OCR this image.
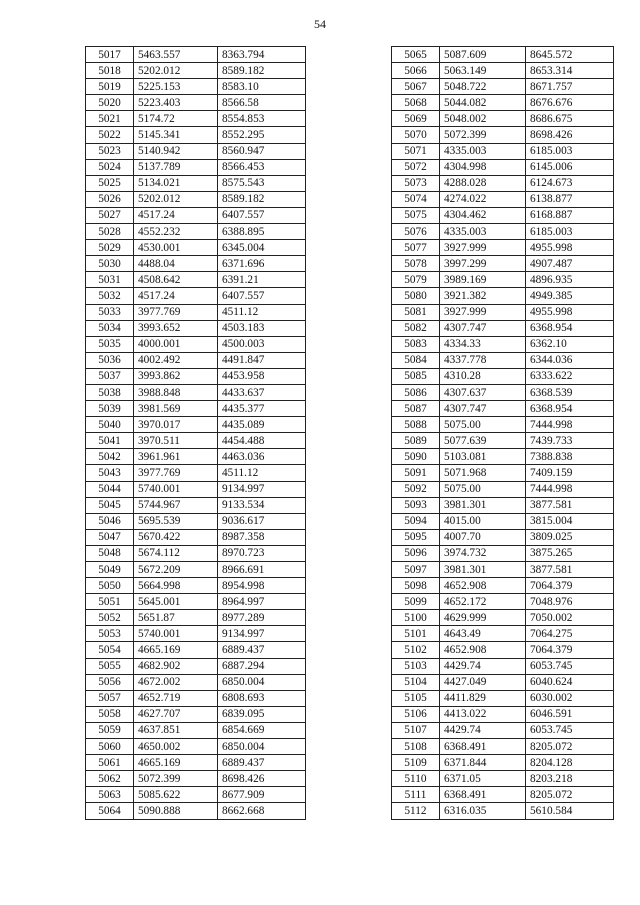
54
5017	5463.557	8363.794
5018	5202.012	8589.182
5019	5225.153	8583.10
5020	5223.403	8566.58
5021	5174.72	8554.853
5022	5145.341	8552.295
5023	5140.942	8560.947
5024	5137.789	8566.453
5025	5134.021	8575.543
5026	5202.012	8589.182
5027	4517.24	6407.557
5028	4552.232	6388.895
5029	4530.001	6345.004
5030	4488.04	6371.696
5031	4508.642	6391.21
5032	4517.24	6407.557
5033	3977.769	4511.12
5034	3993.652	4503.183
5035	4000.001	4500.003
5036	4002.492	4491.847
5037	3993.862	4453.958
5038	3988.848	4433.637
5039	3981.569	4435.377
5040	3970.017	4435.089
5041	3970.511	4454.488
5042	3961.961	4463.036
5043	3977.769	4511.12
5044	5740.001	9134.997
5045	5744.967	9133.534
5046	5695.539	9036.617
5047	5670.422	8987.358
5048	5674.112	8970.723
5049	5672.209	8966.691
5050	5664.998	8954.998
5051	5645.001	8964.997
5052	5651.87	8977.289
5053	5740.001	9134.997
5054	4665.169	6889.437
5055	4682.902	6887.294
5056	4672.002	6850.004
5057	4652.719	6808.693
5058	4627.707	6839.095
5059	4637.851	6854.669
5060	4650.002	6850.004
5061	4665.169	6889.437
5062	5072.399	8698.426
5063	5085.622	8677.909
5064	5090.888	8662.668
5065	5087.609	8645.572
5066	5063.149	8653.314
5067	5048.722	8671.757
5068	5044.082	8676.676
5069	5048.002	8686.675
5070	5072.399	8698.426
5071	4335.003	6185.003
5072	4304.998	6145.006
5073	4288.028	6124.673
5074	4274.022	6138.877
5075	4304.462	6168.887
5076	4335.003	6185.003
5077	3927.999	4955.998
5078	3997.299	4907.487
5079	3989.169	4896.935
5080	3921.382	4949.385
5081	3927.999	4955.998
5082	4307.747	6368.954
5083	4334.33	6362.10
5084	4337.778	6344.036
5085	4310.28	6333.622
5086	4307.637	6368.539
5087	4307.747	6368.954
5088	5075.00	7444.998
5089	5077.639	7439.733
5090	5103.081	7388.838
5091	5071.968	7409.159
5092	5075.00	7444.998
5093	3981.301	3877.581
5094	4015.00	3815.004
5095	4007.70	3809.025
5096	3974.732	3875.265
5097	3981.301	3877.581
5098	4652.908	7064.379
5099	4652.172	7048.976
5100	4629.999	7050.002
5101	4643.49	7064.275
5102	4652.908	7064.379
5103	4429.74	6053.745
5104	4427.049	6040.624
5105	4411.829	6030.002
5106	4413.022	6046.591
5107	4429.74	6053.745
5108	6368.491	8205.072
5109	6371.844	8204.128
5110	6371.05	8203.218
5111	6368.491	8205.072
5112	6316.035	5610.584
